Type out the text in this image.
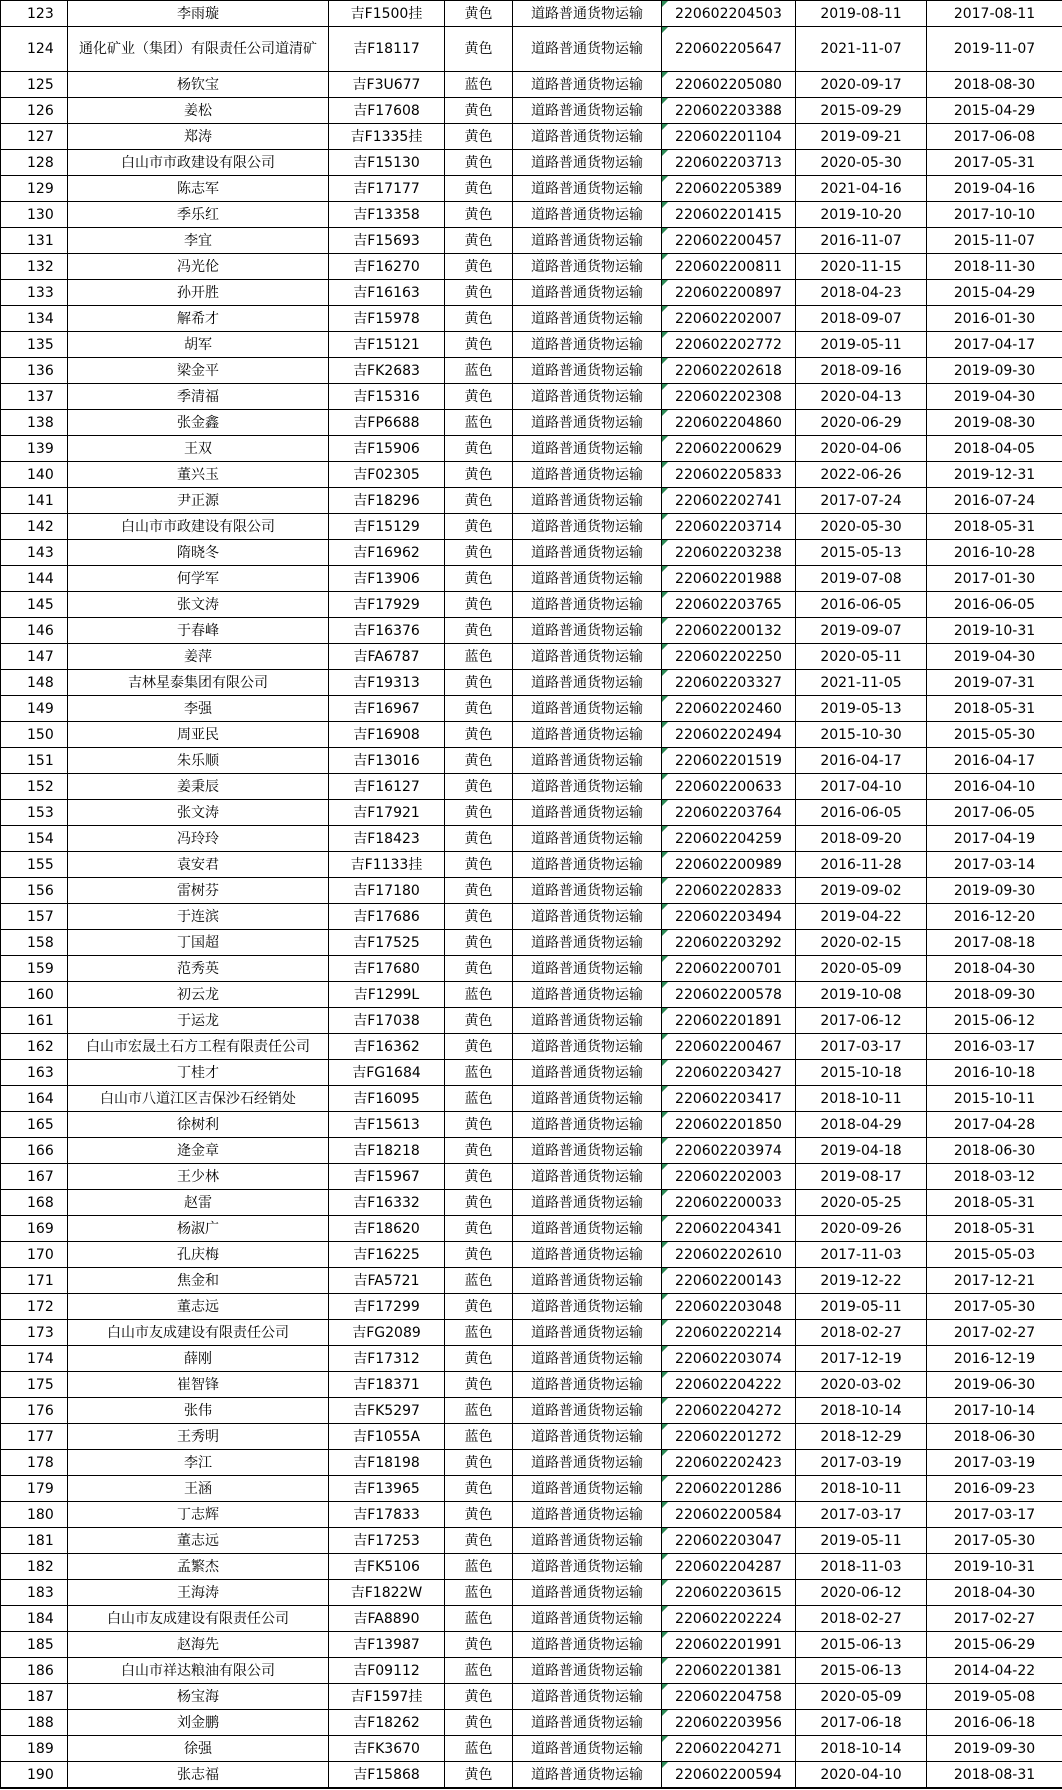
123	李雨璇	吉F1500挂	黄色	道路普通货物运输	220602204503	2019-08-11	2017-08-11
124	通化矿业（集团）有限责任公司道清矿	吉F18117	黄色	道路普通货物运输	220602205647	2021-11-07	2019-11-07
125	杨钦宝	吉F3U677	蓝色	道路普通货物运输	220602205080	2020-09-17	2018-08-30
126	姜松	吉F17608	黄色	道路普通货物运输	220602203388	2015-09-29	2015-04-29
127	郑涛	吉F1335挂	黄色	道路普通货物运输	220602201104	2019-09-21	2017-06-08
128	白山市市政建设有限公司	吉F15130	黄色	道路普通货物运输	220602203713	2020-05-30	2017-05-31
129	陈志军	吉F17177	黄色	道路普通货物运输	220602205389	2021-04-16	2019-04-16
130	季乐红	吉F13358	黄色	道路普通货物运输	220602201415	2019-10-20	2017-10-10
131	李宜	吉F15693	黄色	道路普通货物运输	220602200457	2016-11-07	2015-11-07
132	冯光伦	吉F16270	黄色	道路普通货物运输	220602200811	2020-11-15	2018-11-30
133	孙开胜	吉F16163	黄色	道路普通货物运输	220602200897	2018-04-23	2015-04-29
134	解希才	吉F15978	黄色	道路普通货物运输	220602202007	2018-09-07	2016-01-30
135	胡军	吉F15121	黄色	道路普通货物运输	220602202772	2019-05-11	2017-04-17
136	梁金平	吉FK2683	蓝色	道路普通货物运输	220602202618	2018-09-16	2019-09-30
137	季清福	吉F15316	黄色	道路普通货物运输	220602202308	2020-04-13	2019-04-30
138	张金鑫	吉FP6688	蓝色	道路普通货物运输	220602204860	2020-06-29	2019-08-30
139	王双	吉F15906	黄色	道路普通货物运输	220602200629	2020-04-06	2018-04-05
140	董兴玉	吉F02305	黄色	道路普通货物运输	220602205833	2022-06-26	2019-12-31
141	尹正源	吉F18296	黄色	道路普通货物运输	220602202741	2017-07-24	2016-07-24
142	白山市市政建设有限公司	吉F15129	黄色	道路普通货物运输	220602203714	2020-05-30	2018-05-31
143	隋晓冬	吉F16962	黄色	道路普通货物运输	220602203238	2015-05-13	2016-10-28
144	何学军	吉F13906	黄色	道路普通货物运输	220602201988	2019-07-08	2017-01-30
145	张文涛	吉F17929	黄色	道路普通货物运输	220602203765	2016-06-05	2016-06-05
146	于春峰	吉F16376	黄色	道路普通货物运输	220602200132	2019-09-07	2019-10-31
147	姜萍	吉FA6787	蓝色	道路普通货物运输	220602202250	2020-05-11	2019-04-30
148	吉林星泰集团有限公司	吉F19313	黄色	道路普通货物运输	220602203327	2021-11-05	2019-07-31
149	李强	吉F16967	黄色	道路普通货物运输	220602202460	2019-05-13	2018-05-31
150	周亚民	吉F16908	黄色	道路普通货物运输	220602202494	2015-10-30	2015-05-30
151	朱乐顺	吉F13016	黄色	道路普通货物运输	220602201519	2016-04-17	2016-04-17
152	姜秉辰	吉F16127	黄色	道路普通货物运输	220602200633	2017-04-10	2016-04-10
153	张文涛	吉F17921	黄色	道路普通货物运输	220602203764	2016-06-05	2017-06-05
154	冯玲玲	吉F18423	黄色	道路普通货物运输	220602204259	2018-09-20	2017-04-19
155	袁安君	吉F1133挂	黄色	道路普通货物运输	220602200989	2016-11-28	2017-03-14
156	雷树芬	吉F17180	黄色	道路普通货物运输	220602202833	2019-09-02	2019-09-30
157	于连滨	吉F17686	黄色	道路普通货物运输	220602203494	2019-04-22	2016-12-20
158	丁国超	吉F17525	黄色	道路普通货物运输	220602203292	2020-02-15	2017-08-18
159	范秀英	吉F17680	黄色	道路普通货物运输	220602200701	2020-05-09	2018-04-30
160	初云龙	吉F1299L	蓝色	道路普通货物运输	220602200578	2019-10-08	2018-09-30
161	于运龙	吉F17038	黄色	道路普通货物运输	220602201891	2017-06-12	2015-06-12
162	白山市宏晟土石方工程有限责任公司	吉F16362	黄色	道路普通货物运输	220602200467	2017-03-17	2016-03-17
163	丁桂才	吉FG1684	蓝色	道路普通货物运输	220602203427	2015-10-18	2016-10-18
164	白山市八道江区吉保沙石经销处	吉F16095	蓝色	道路普通货物运输	220602203417	2018-10-11	2015-10-11
165	徐树利	吉F15613	黄色	道路普通货物运输	220602201850	2018-04-29	2017-04-28
166	逄金章	吉F18218	黄色	道路普通货物运输	220602203974	2019-04-18	2018-06-30
167	王少林	吉F15967	黄色	道路普通货物运输	220602202003	2019-08-17	2018-03-12
168	赵雷	吉F16332	黄色	道路普通货物运输	220602200033	2020-05-25	2018-05-31
169	杨淑广	吉F18620	黄色	道路普通货物运输	220602204341	2020-09-26	2018-05-31
170	孔庆梅	吉F16225	黄色	道路普通货物运输	220602202610	2017-11-03	2015-05-03
171	焦金和	吉FA5721	蓝色	道路普通货物运输	220602200143	2019-12-22	2017-12-21
172	董志远	吉F17299	黄色	道路普通货物运输	220602203048	2019-05-11	2017-05-30
173	白山市友成建设有限责任公司	吉FG2089	蓝色	道路普通货物运输	220602202214	2018-02-27	2017-02-27
174	薛刚	吉F17312	黄色	道路普通货物运输	220602203074	2017-12-19	2016-12-19
175	崔智锋	吉F18371	黄色	道路普通货物运输	220602204222	2020-03-02	2019-06-30
176	张伟	吉FK5297	蓝色	道路普通货物运输	220602204272	2018-10-14	2017-10-14
177	王秀明	吉F1055A	蓝色	道路普通货物运输	220602201272	2018-12-29	2018-06-30
178	李江	吉F18198	黄色	道路普通货物运输	220602202423	2017-03-19	2017-03-19
179	王涵	吉F13965	黄色	道路普通货物运输	220602201286	2018-10-11	2016-09-23
180	丁志辉	吉F17833	黄色	道路普通货物运输	220602200584	2017-03-17	2017-03-17
181	董志远	吉F17253	黄色	道路普通货物运输	220602203047	2019-05-11	2017-05-30
182	孟繁杰	吉FK5106	蓝色	道路普通货物运输	220602204287	2018-11-03	2019-10-31
183	王海涛	吉F1822W	蓝色	道路普通货物运输	220602203615	2020-06-12	2018-04-30
184	白山市友成建设有限责任公司	吉FA8890	蓝色	道路普通货物运输	220602202224	2018-02-27	2017-02-27
185	赵海先	吉F13987	黄色	道路普通货物运输	220602201991	2015-06-13	2015-06-29
186	白山市祥达粮油有限公司	吉F09112	蓝色	道路普通货物运输	220602201381	2015-06-13	2014-04-22
187	杨宝海	吉F1597挂	黄色	道路普通货物运输	220602204758	2020-05-09	2019-05-08
188	刘金鹏	吉F18262	黄色	道路普通货物运输	220602203956	2017-06-18	2016-06-18
189	徐强	吉FK3670	蓝色	道路普通货物运输	220602204271	2018-10-14	2019-09-30
190	张志福	吉F15868	黄色	道路普通货物运输	220602200594	2020-04-10	2018-08-31
